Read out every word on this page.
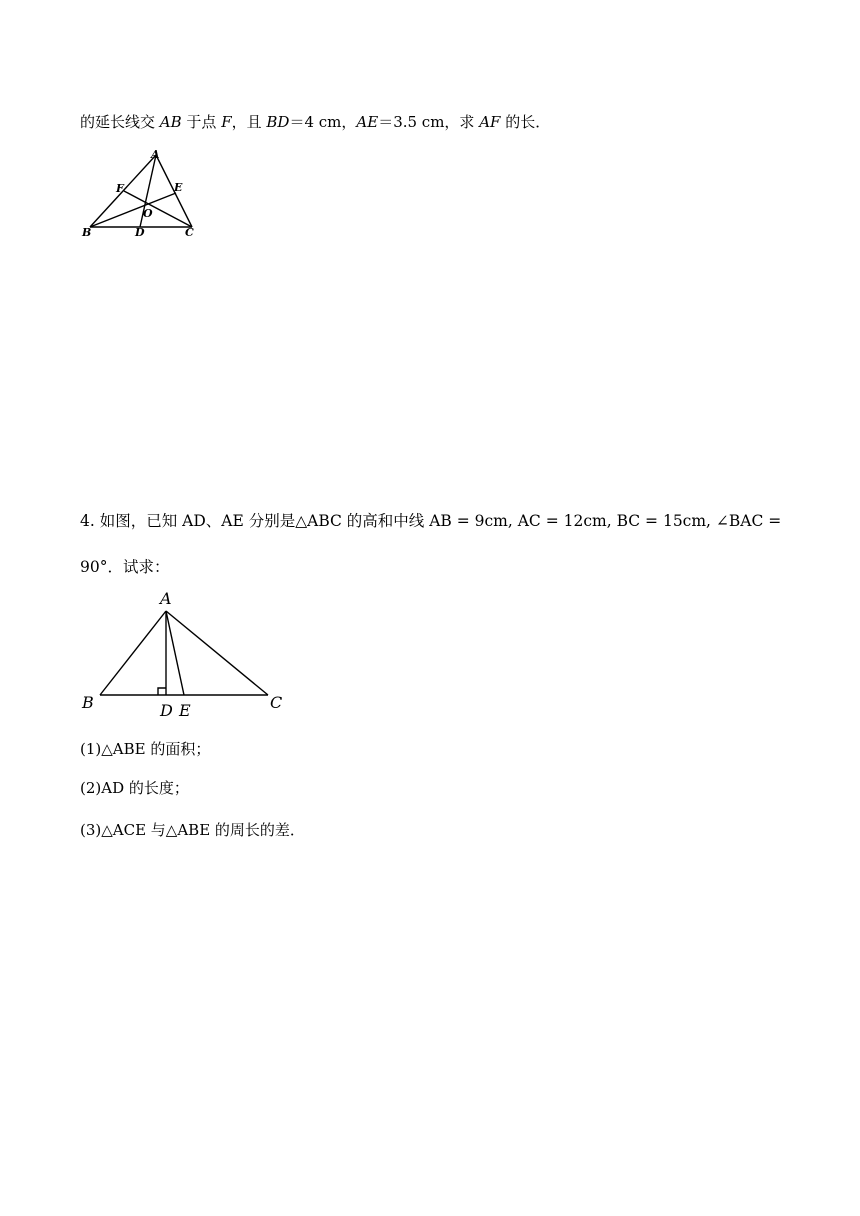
的延长线交 AB 于点 F，且 BD＝4 cm，AE＝3.5 cm，求 AF 的长．
A
B	C
D
E
F
O
4. 如图，已知 AD、AE 分别是△ABC 的高和中线 AB = 9cm, AC = 12cm, BC = 15cm, ∠BAC =
90°．试求：
A
B	C
D E
(1)△ABE 的面积；
(2)AD 的长度；
(3)△ACE 与△ABE 的周长的差．
